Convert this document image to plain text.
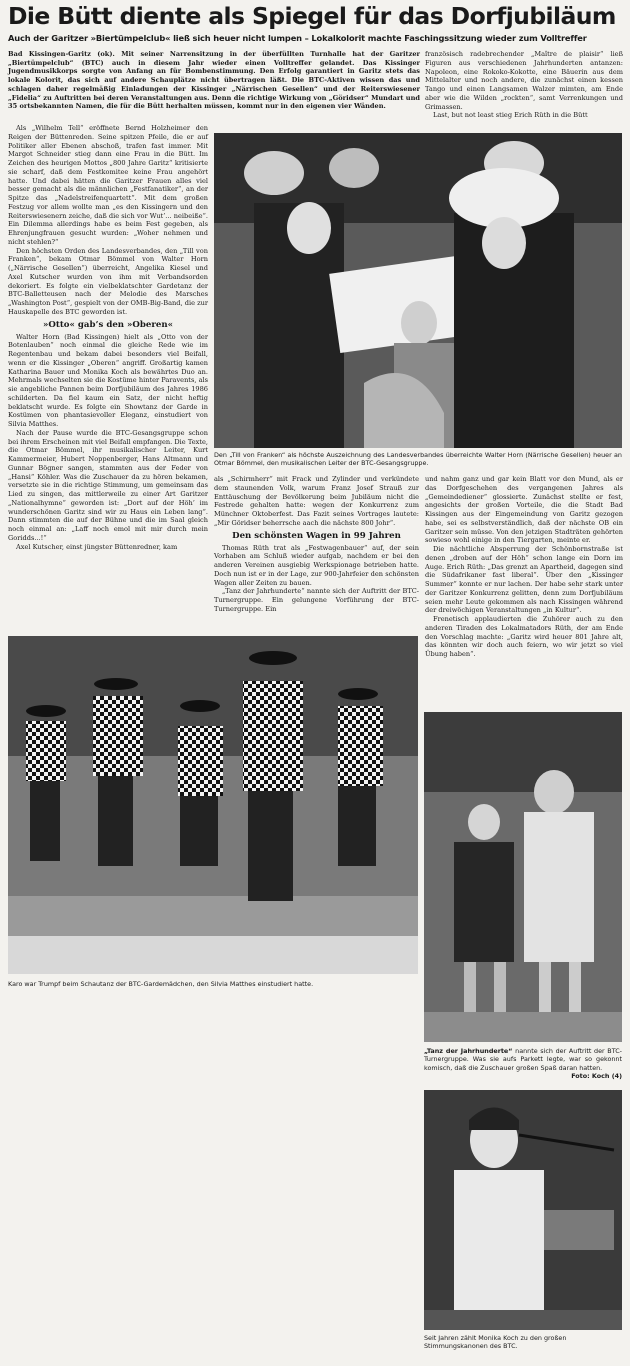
Die Bütt diente als Spiegel für das Dorfjubiläum
Auch der Garitzer »Biertümpelclub« ließ sich heuer nicht lumpen – Lokalkolorit machte Faschingssitzung wieder zum Volltreffer
Bad Kissingen-Garitz (ok). Mit seiner Narrensitzung in der überfüllten Turnhalle hat der Garitzer „Biertümpelclub“ (BTC) auch in diesem Jahr wieder einen Volltreffer gelandet. Das Kissinger Jugendmusikkorps sorgte von Anfang an für Bombenstimmung. Den Erfolg garantiert in Garitz stets das lokale Kolorit, das sich auf andere Schauplätze nicht übertragen läßt. Die BTC-Aktiven wissen das und schlagen daher regelmäßig Einladungen der Kissinger „Närrischen Gesellen“ und der Reiterswiesener „Fidelia“ zu Auftritten bei deren Veranstaltungen aus. Denn die richtige Wirkung von „Göridser“ Mundart und 35 ortsbekannten Namen, die für die Bütt herhalten müssen, kommt nur in den eigenen vier Wänden.

französisch radebrechender „Maître de plaisir“ ließ Figuren aus verschiedenen Jahrhunderten antanzen: Napoleon, eine Rokoko-Kokotte, eine Bäuerin aus dem Mittelalter und noch andere, die zunächst einen kessen Tango und einen Langsamen Walzer mimten, am Ende aber wie die Wilden „rockten“, samt Verrenkungen und Grimassen.

Last, but not least stieg Erich Rüth in die Bütt

Als „Wilhelm Tell“ eröffnete Bernd Holzheimer den Reigen der Büttenreden. Seine spitzen Pfeile, die er auf Politiker aller Ebenen abschoß, trafen fast immer. Mit Margot Schneider stieg dann eine Frau in die Bütt. Im Zeichen des heurigen Mottos „800 Jahre Garitz“ kritisierte sie scharf, daß dem Festkomitee keine Frau angehört hatte. Und dabei hätten die Garitzer Frauen alles viel besser gemacht als die männlichen „Festfanatiker“, an der Spitze das „Nadelstreifenquartett“. Mit dem großen Festzug vor allem wollte man „es den Kissingern und den Reiterswiesenern zeiche, daß die sich vor Wut’... neibeiße“. Ein Dilemma allerdings habe es beim Fest gegeben, als Ehrenjungfrauen gesucht wurden: „Woher nehmen und nicht stehlen?“

Den höchsten Orden des Landesverbandes, den „Till von Franken“, bekam Otmar Bömmel von Walter Horn („Närrische Gesellen“) überreicht, Angelika Kiesel und Axel Kutscher wurden von ihm mit Verbandsorden dekoriert. Es folgte ein vielbeklatschter Gardetanz der BTC-Balletteusen nach der Melodie des Marsches „Washington Post“, gespielt von der OMB-Big-Band, die zur Hauskapelle des BTC geworden ist.

»Otto« gab’s den »Oberen«

Walter Horn (Bad Kissingen) hielt als „Otto von der Botenlauben“ noch einmal die gleiche Rede wie im Regentenbau und bekam dabei besonders viel Beifall, wenn er die Kissinger „Oberen“ angriff. Großartig kamen Katharina Bauer und Monika Koch als bewährtes Duo an. Mehrmals wechselten sie die Kostüme hinter Paravents, als sie angebliche Pannen beim Dorfjubiläum des Jahres 1986 schilderten. Da fiel kaum ein Satz, der nicht heftig beklatscht wurde. Es folgte ein Showtanz der Garde in Kostümen von phantasievoller Eleganz, einstudiert von Silvia Matthes.

Nach der Pause wurde die BTC-Gesangsgruppe schon bei ihrem Erscheinen mit viel Beifall empfangen. Die Texte, die Otmar Bömmel, ihr musikalischer Leiter, Kurt Kammermeier, Hubert Noppenberger, Hans Altmann und Gunnar Bögner sangen, stammten aus der Feder von „Hansi“ Köhler. Was die Zuschauer da zu hören bekamen, versetzte sie in die richtige Stimmung, um gemeinsam das Lied zu singen, das mittlerweile zu einer Art Garitzer „Nationalhymne“ geworden ist: „Dort auf der Höh’ im wunderschönen Garitz sind wir zu Haus ein Leben lang“. Dann stimmten die auf der Bühne und die im Saal gleich noch einmal an: „Laff noch emol mit mir durch mein Goridds...!“

Axel Kutscher, einst jüngster Büttenredner, kam

Den „Till von Franken“ als höchste Auszeichnung des Landesverbandes überreichte Walter Horn (Närrische Gesellen) heuer an Otmar Bömmel, den musikalischen Leiter der BTC-Gesangsgruppe.

als „Schirmherr“ mit Frack und Zylinder und verkündete dem staunenden Volk, warum Franz Josef Strauß zur Enttäuschung der Bevölkerung beim Jubiläum nicht die Festrede gehalten hatte: wegen der Konkurrenz zum Münchner Oktoberfest. Das Fazit seines Vortrages lautete: „Mir Göridser beherrsche aach die nächste 800 Johr“.

Den schönsten Wagen in 99 Jahren

Thomas Rüth trat als „Festwagenbauer“ auf, der sein Vorhaben am Schluß wieder aufgab, nachdem er bei den anderen Vereinen ausgiebig Werkspionage betrieben hatte. Doch nun ist er in der Lage, zur 900-Jahrfeier den schönsten Wagen aller Zeiten zu bauen.

„Tanz der Jahrhunderte“ nannte sich der Auftritt der BTC-Turnergruppe. Ein gelungene Vorführung der BTC-Turnergruppe. Ein

und nahm ganz und gar kein Blatt vor den Mund, als er das Dorfgeschehen des vergangenen Jahres als „Gemeindediener“ glossierte. Zunächst stellte er fest, angesichts der großen Vorteile, die die Stadt Bad Kissingen aus der Eingemeindung von Garitz gezogen habe, sei es selbstverständlich, daß der nächste OB ein Garitzer sein müsse. Von den jetzigen Stadträten gehörten sowieso wohl einige in den Tiergarten, meinte er.

Die nächtliche Absperrung der Schönbornstraße ist denen „droben auf der Höh“ schon lange ein Dorn im Auge. Erich Rüth: „Das grenzt an Apartheid, dagegen sind die Südafrikaner fast liberal“. Über den „Kissinger Summer“ konnte er nur lachen. Der habe sehr stark unter der Garitzer Konkurrenz gelitten, denn zum Dorfjubiläum seien mehr Leute gekommen als nach Kissingen während der dreiwöchigen Veranstaltungen „in Kultur“.

Frenetisch applaudierten die Zuhörer auch zu den anderen Tiraden des Lokalmatadors Rüth, der am Ende den Vorschlag machte: „Garitz wird heuer 801 Jahre alt, das könnten wir doch auch feiern, wo wir jetzt so viel Übung haben“.

Karo war Trumpf beim Schautanz der BTC-Gardemädchen, den Silvia Matthes einstudiert hatte.
„Tanz der Jahrhunderte“ nannte sich der Auftritt der BTC-Turnergruppe. Was sie aufs Parkett legte, war so gekonnt komisch, daß die Zuschauer großen Spaß daran hatten.
Foto: Koch (4)
Seit Jahren zählt Monika Koch zu den großen Stimmungskanonen des BTC.
